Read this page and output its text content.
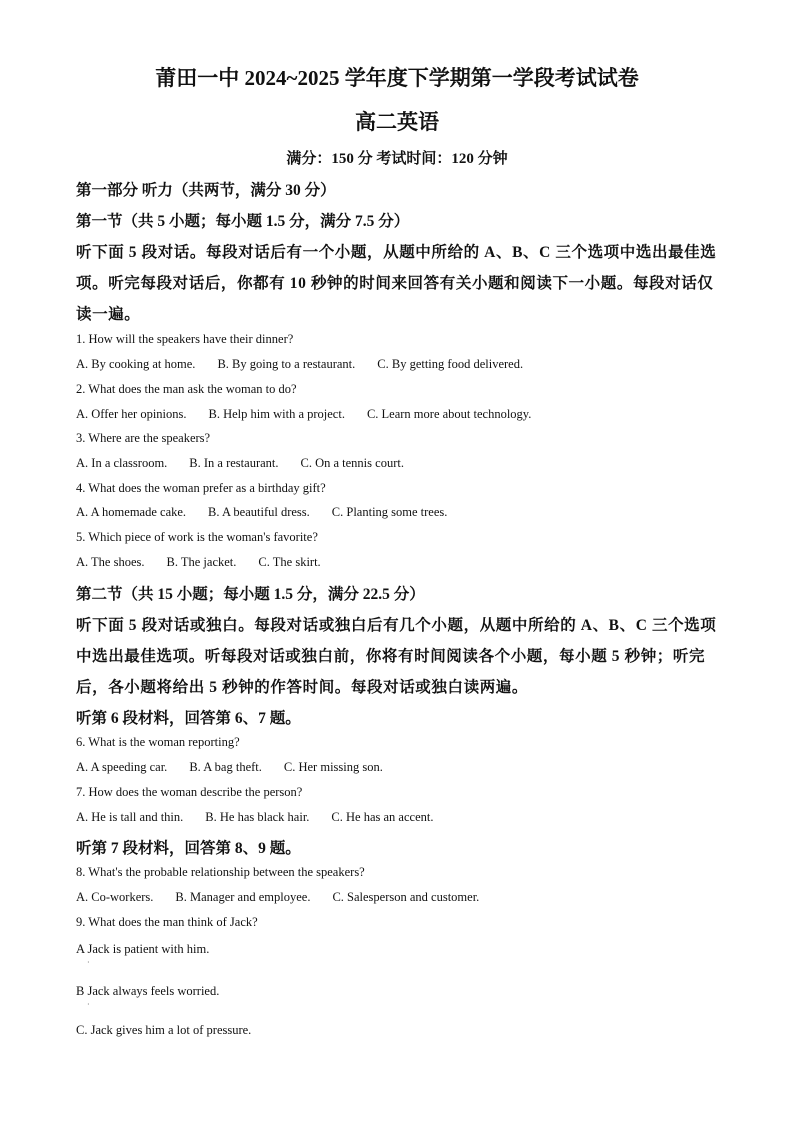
莆田一中 2024~2025 学年度下学期第一学段考试试卷
高二英语
满分：150 分 考试时间：120 分钟
第一部分 听力（共两节，满分 30 分）
第一节（共 5 小题；每小题 1.5 分，满分 7.5 分）
听下面 5 段对话。每段对话后有一个小题，从题中所给的 A、B、C 三个选项中选出最佳选
项。听完每段对话后，你都有 10 秒钟的时间来回答有关小题和阅读下一小题。每段对话仅
读一遍。
1. How will the speakers have their dinner?
A. By cooking at home. B. By going to a restaurant. C. By getting food delivered.
2. What does the man ask the woman to do?
A. Offer her opinions. B. Help him with a project. C. Learn more about technology.
3. Where are the speakers?
A. In a classroom. B. In a restaurant. C. On a tennis court.
4. What does the woman prefer as a birthday gift?
A. A homemade cake. B. A beautiful dress. C. Planting some trees.
5. Which piece of work is the woman's favorite?
A. The shoes. B. The jacket. C. The skirt.
第二节（共 15 小题；每小题 1.5 分，满分 22.5 分）
听下面 5 段对话或独白。每段对话或独白后有几个小题，从题中所给的 A、B、C 三个选项
中选出最佳选项。听每段对话或独白前，你将有时间阅读各个小题，每小题 5 秒钟；听完
后，各小题将给出 5 秒钟的作答时间。每段对话或独白读两遍。
听第 6 段材料，回答第 6、7 题。
6. What is the woman reporting?
A. A speeding car. B. A bag theft. C. Her missing son.
7. How does the woman describe the person?
A. He is tall and thin. B. He has black hair. C. He has an accent.
听第 7 段材料，回答第 8、9 题。
8. What's the probable relationship between the speakers?
A. Co-workers. B. Manager and employee. C. Salesperson and customer.
9. What does the man think of Jack?
A Jack is patient with him.
·
B Jack always feels worried.
·
C. Jack gives him a lot of pressure.
